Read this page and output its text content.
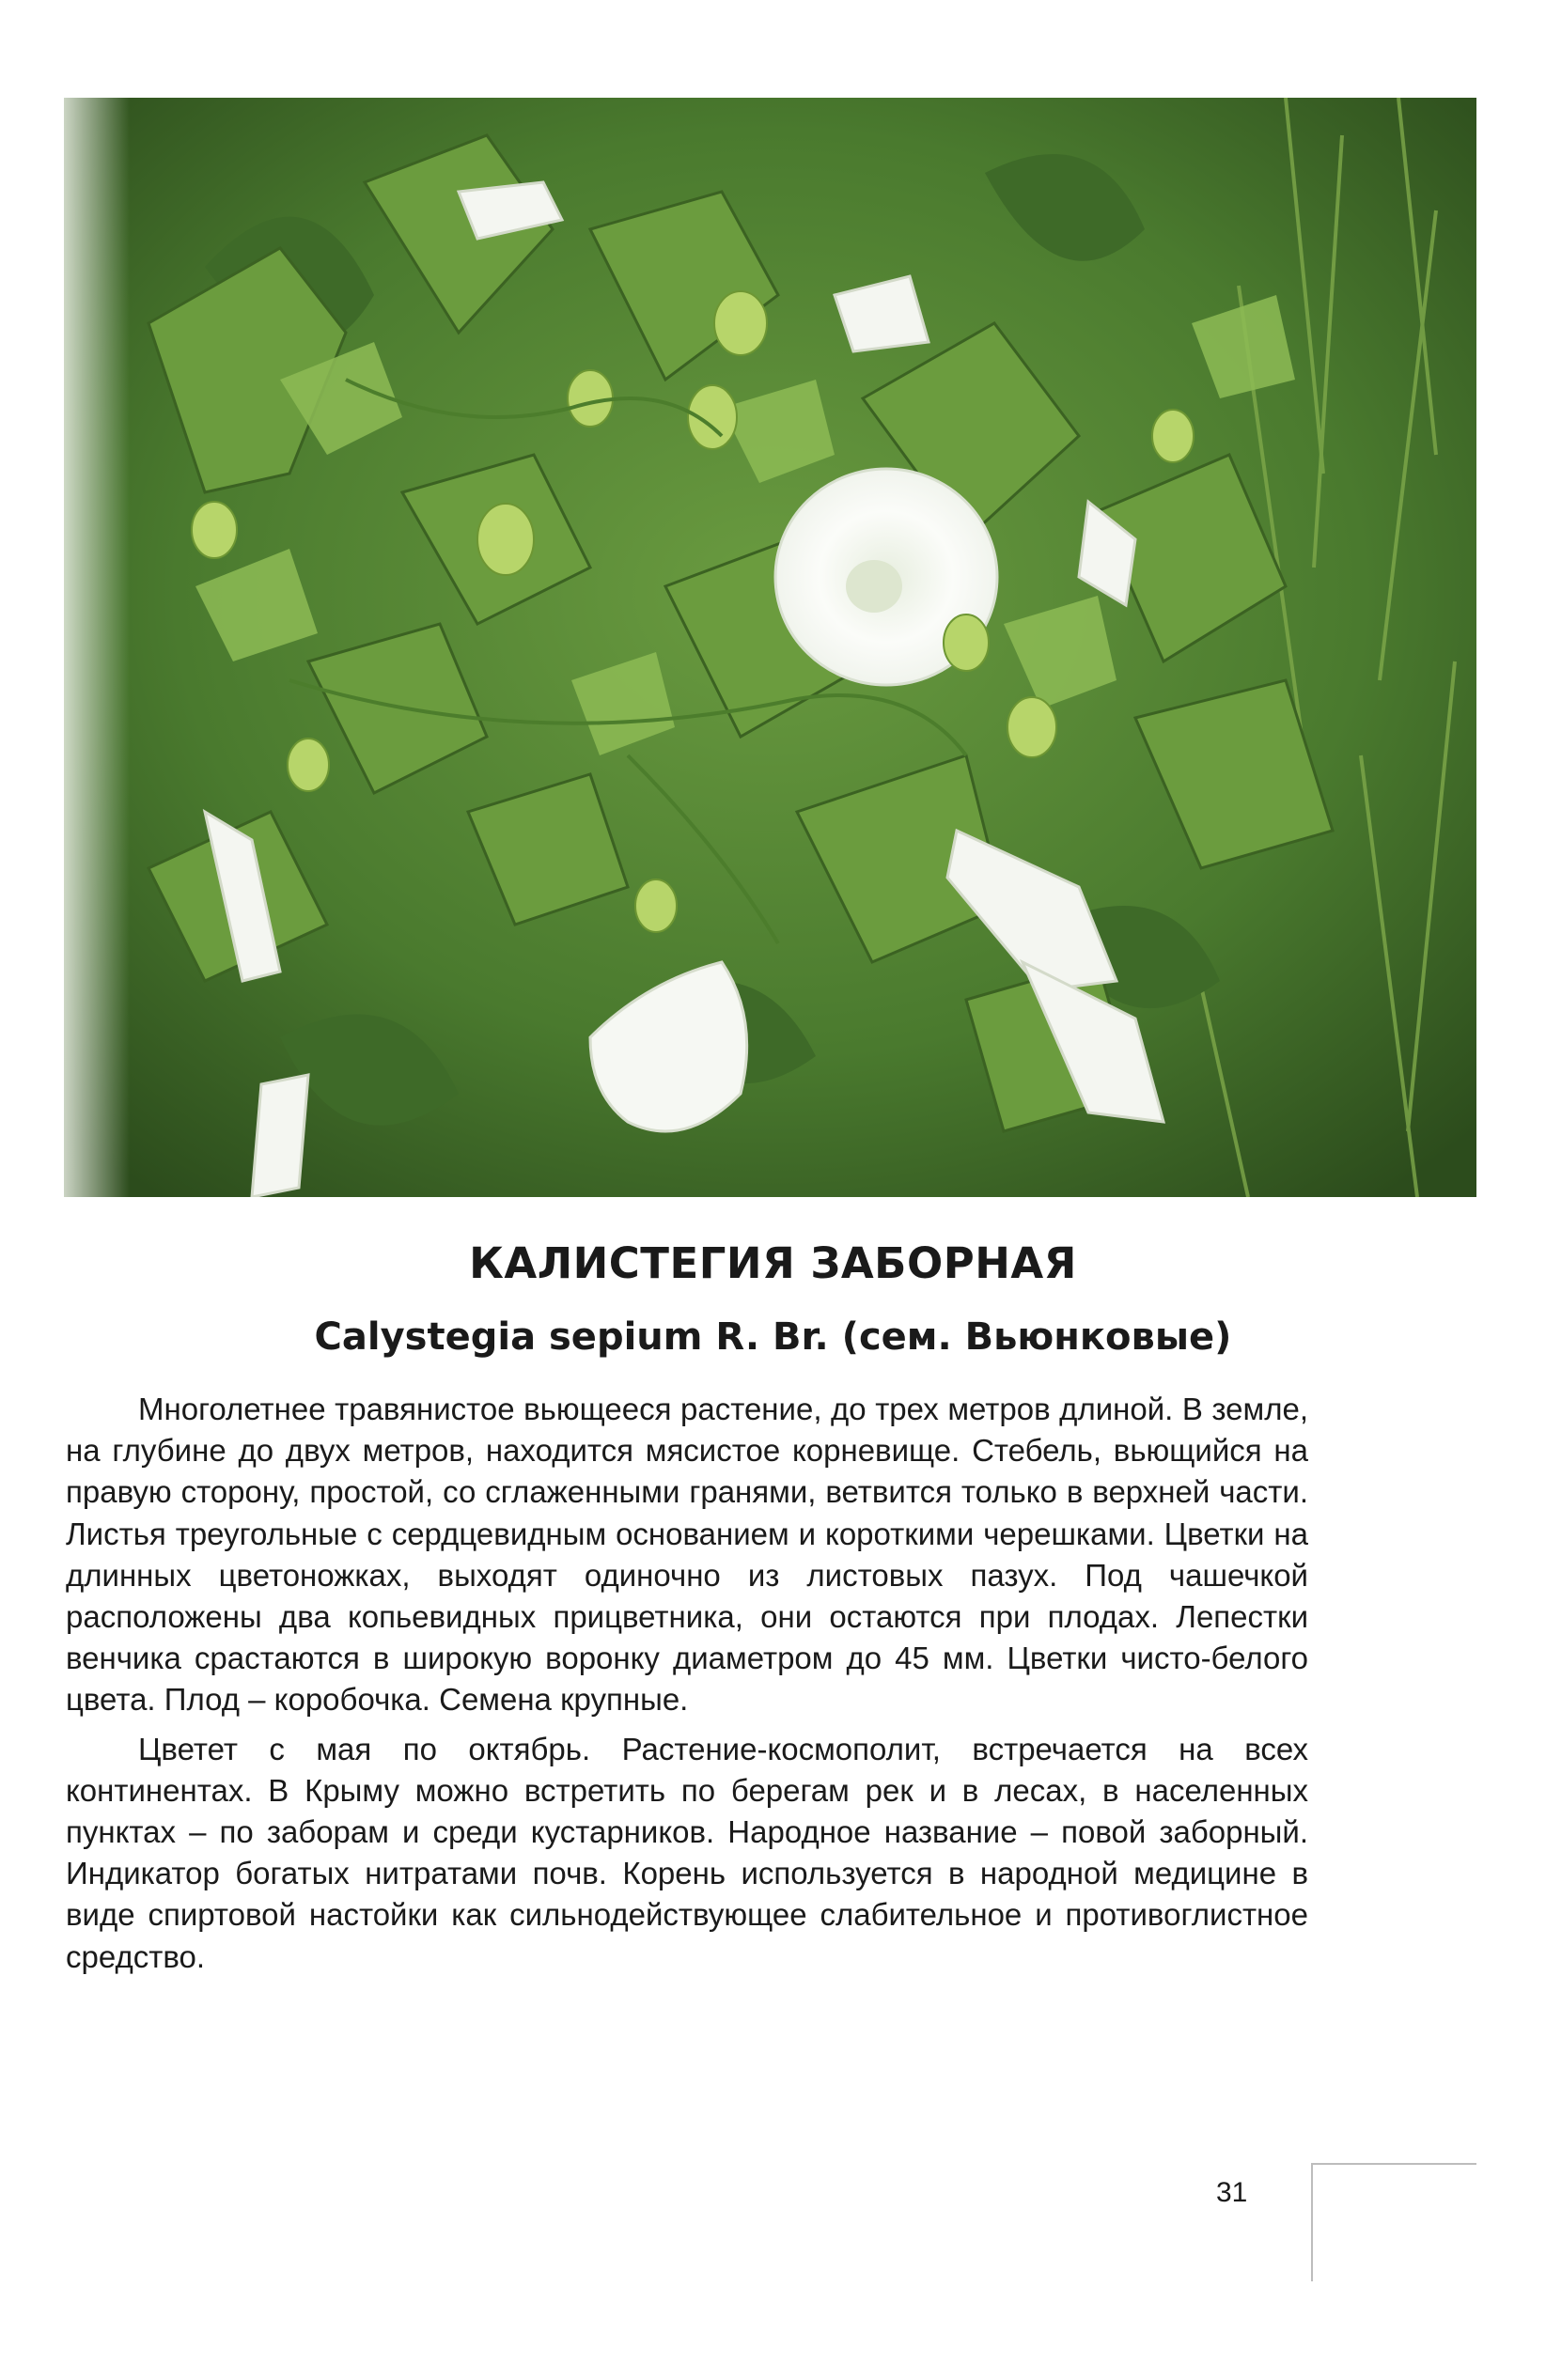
КАЛИСТЕГИЯ ЗАБОРНАЯ
Calystegia sepium R. Br. (сем. Вьюнковые)

Многолетнее травянистое вьющееся растение, до трех метров длиной. В земле, на глубине до двух метров, находится мясистое корневище. Стебель, вьющийся на правую сторону, простой, со сглаженными гранями, ветвится только в верхней части. Листья треугольные с сердцевидным основанием и короткими черешками. Цветки на длинных цветоножках, выходят одиночно из листовых пазух. Под чашечкой расположены два копьевидных прицветника, они остаются при плодах. Лепестки венчика срастаются в широкую воронку диаметром до 45 мм. Цветки чисто-белого цвета. Плод – коробочка. Семена крупные.

Цветет с мая по октябрь. Растение-космополит, встречается на всех континентах. В Крыму можно встретить по берегам рек и в лесах, в населенных пунктах – по заборам и среди кустарников. Народное название – повой заборный. Индикатор богатых нитратами почв. Корень используется в народной медицине в виде спиртовой настойки как сильнодействующее слабительное и противоглистное средство.

31
